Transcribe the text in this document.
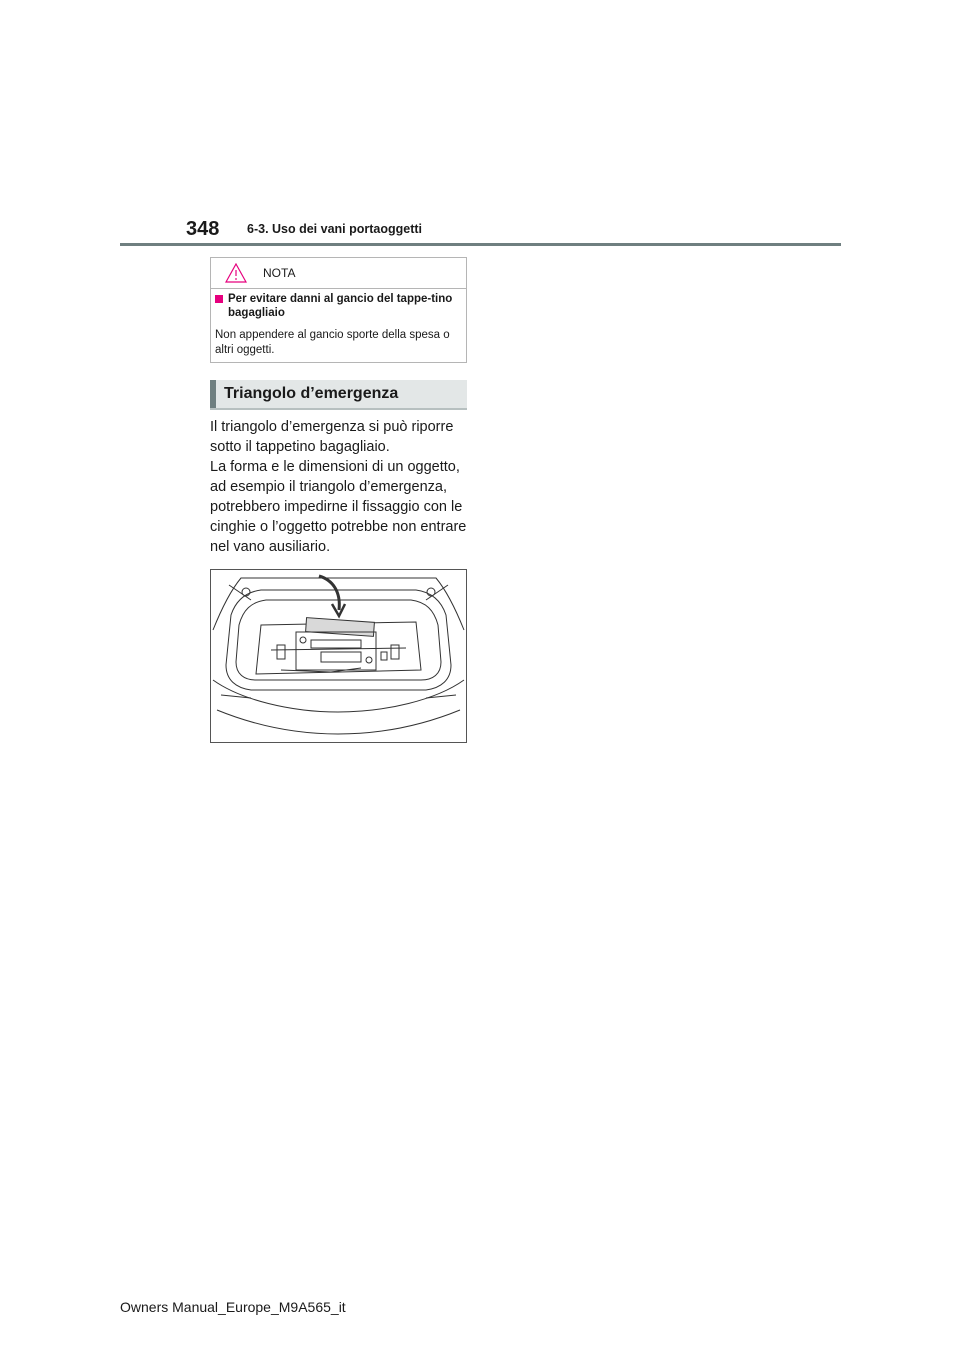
348 6-3. Uso dei vani portaoggetti
NOTA
Per evitare danni al gancio del tappe-tino bagagliaio
Non appendere al gancio sporte della spesa o altri oggetti.
Triangolo d’emergenza

Il triangolo d’emergenza si può riporre sotto il tappetino bagagliaio.

La forma e le dimensioni di un oggetto, ad esempio il triangolo d’emergenza, potrebbero impedirne il fissaggio con le cinghie o l’oggetto potrebbe non entrare nel vano ausiliario.

Owners Manual_Europe_M9A565_it
